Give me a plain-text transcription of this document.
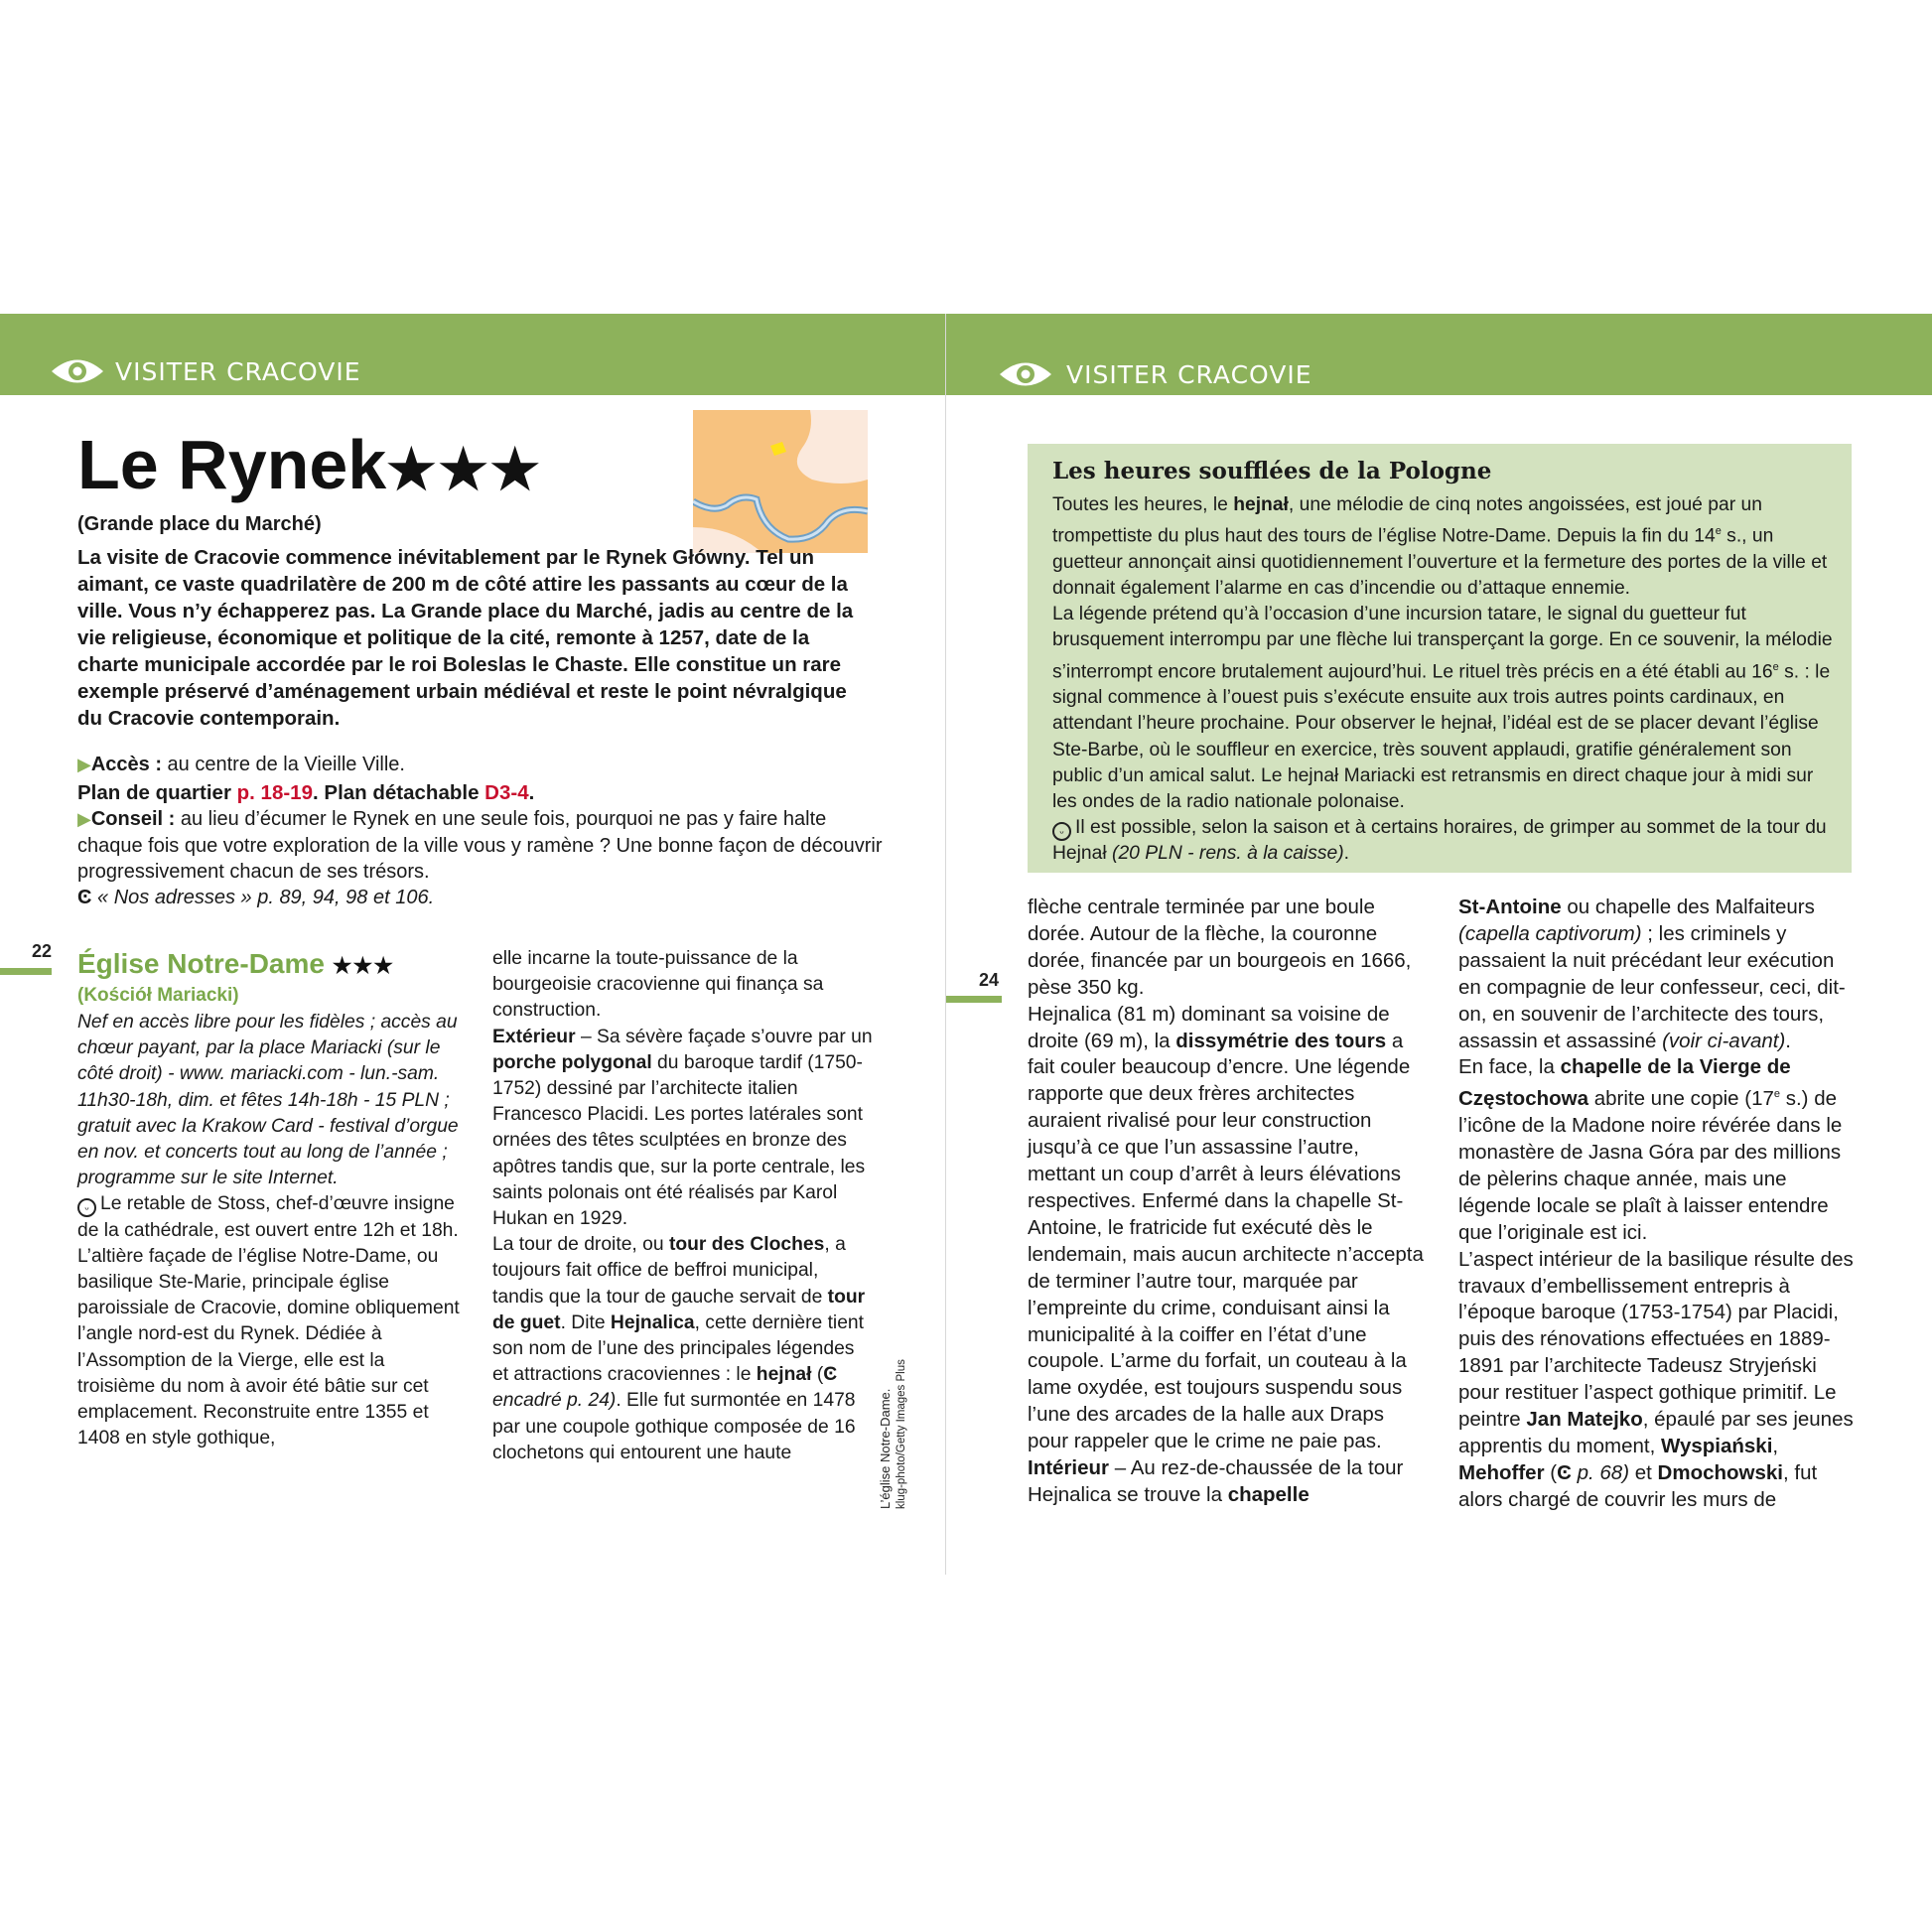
VISITER CRACOVIE	VISITER CRACOVIE
Le Rynek★★★
(Grande place du Marché)

La visite de Cracovie commence inévitablement par le Rynek Główny. Tel un aimant, ce vaste quadrilatère de 200 m de côté attire les passants au cœur de la ville. Vous n’y échapperez pas. La Grande place du Marché, jadis au centre de la vie religieuse, économique et politique de la cité, remonte à 1257, date de la charte municipale accordée par le roi Boleslas le Chaste. Elle constitue un rare exemple préservé d’aménagement urbain médiéval et reste le point névralgique du Cracovie contemporain.

▶Accès : au centre de la Vieille Ville.

Plan de quartier p. 18-19. Plan détachable D3-4.

▶Conseil : au lieu d’écumer le Rynek en une seule fois, pourquoi ne pas y faire halte chaque fois que votre exploration de la ville vous y ramène ? Une bonne façon de découvrir progressivement chacun de ses trésors.

Ͼ « Nos adresses » p. 89, 94, 98 et 106.

22 Église Notre-Dame ★★★
(Kościół Mariacki)

Nef en accès libre pour les fidèles ; accès au chœur payant, par la place Mariacki (sur le côté droit) - www. mariacki.com - lun.-sam. 11h30-18h, dim. et fêtes 14h-18h - 15 PLN ; gratuit avec la Krakow Card - festival d’orgue en nov. et concerts tout au long de l’année ; programme sur le site Internet.

ᵕ Le retable de Stoss, chef-d’œuvre insigne de la cathédrale, est ouvert entre 12h et 18h.

L’altière façade de l’église Notre-Dame, ou basilique Ste-Marie, principale église paroissiale de Cracovie, domine obliquement l’angle nord-est du Rynek. Dédiée à l’Assomption de la Vierge, elle est la troisième du nom à avoir été bâtie sur cet emplacement. Reconstruite entre 1355 et 1408 en style gothique,

elle incarne la toute-puissance de la bourgeoisie cracovienne qui finança sa construction.

Extérieur – Sa sévère façade s’ouvre par un porche polygonal du baroque tardif (1750-1752) dessiné par l’architecte italien Francesco Placidi. Les portes latérales sont ornées des têtes sculptées en bronze des apôtres tandis que, sur la porte centrale, les saints polonais ont été réalisés par Karol Hukan en 1929.

La tour de droite, ou tour des Cloches, a toujours fait office de beffroi municipal, tandis que la tour de gauche servait de tour de guet. Dite Hejnalica, cette dernière tient son nom de l’une des principales légendes et attractions cracoviennes : le hejnał (Ͼ encadré p. 24). Elle fut surmontée en 1478 par une coupole gothique composée de 16 clochetons qui entourent une haute	L’église Notre-Dame. klug-photo/Getty Images Plus
Les heures soufflées de la Pologne

Toutes les heures, le hejnał, une mélodie de cinq notes angoissées, est joué par un trompettiste du plus haut des tours de l’église Notre-Dame. Depuis la fin du 14e s., un guetteur annonçait ainsi quotidiennement l’ouverture et la fermeture des portes de la ville et donnait également l’alarme en cas d’incendie ou d’attaque ennemie.

La légende prétend qu’à l’occasion d’une incursion tatare, le signal du guetteur fut brusquement interrompu par une flèche lui transperçant la gorge. En ce souvenir, la mélodie s’interrompt encore brutalement aujourd’hui. Le rituel très précis en a été établi au 16e s. : le signal commence à l’ouest puis s’exécute ensuite aux trois autres points cardinaux, en attendant l’heure prochaine. Pour observer le hejnał, l’idéal est de se placer devant l’église Ste-Barbe, où le souffleur en exercice, très souvent applaudi, gratifie généralement son public d’un amical salut. Le hejnał Mariacki est retransmis en direct chaque jour à midi sur les ondes de la radio nationale polonaise.

ᵕ Il est possible, selon la saison et à certains horaires, de grimper au sommet de la tour du Hejnał (20 PLN - rens. à la caisse).

24

flèche centrale terminée par une boule dorée. Autour de la flèche, la couronne dorée, financée par un bourgeois en 1666, pèse 350 kg.

Hejnalica (81 m) dominant sa voisine de droite (69 m), la dissymétrie des tours a fait couler beaucoup d’encre. Une légende rapporte que deux frères architectes auraient rivalisé pour leur construction jusqu’à ce que l’un assassine l’autre, mettant un coup d’arrêt à leurs élévations respectives. Enfermé dans la chapelle St-Antoine, le fratricide fut exécuté dès le lendemain, mais aucun architecte n’accepta de terminer l’autre tour, marquée par l’empreinte du crime, conduisant ainsi la municipalité à la coiffer en l’état d’une coupole. L’arme du forfait, un couteau à la lame oxydée, est toujours suspendu sous l’une des arcades de la halle aux Draps pour rappeler que le crime ne paie pas.

Intérieur – Au rez-de-chaussée de la tour Hejnalica se trouve la chapelle

St-Antoine ou chapelle des Malfaiteurs (capella captivorum) ; les criminels y passaient la nuit précédant leur exécution en compagnie de leur confesseur, ceci, dit-on, en souvenir de l’architecte des tours, assassin et assassiné (voir ci-avant).

En face, la chapelle de la Vierge de Częstochowa abrite une copie (17e s.) de l’icône de la Madone noire révérée dans le monastère de Jasna Góra par des millions de pèlerins chaque année, mais une légende locale se plaît à laisser entendre que l’originale est ici.

L’aspect intérieur de la basilique résulte des travaux d’embellissement entrepris à l’époque baroque (1753-1754) par Placidi, puis des rénovations effectuées en 1889-1891 par l’architecte Tadeusz Stryjeński pour restituer l’aspect gothique primitif. Le peintre Jan Matejko, épaulé par ses jeunes apprentis du moment, Wyspiański, Mehoffer (Ͼ p. 68) et Dmochowski, fut alors chargé de couvrir les murs de
